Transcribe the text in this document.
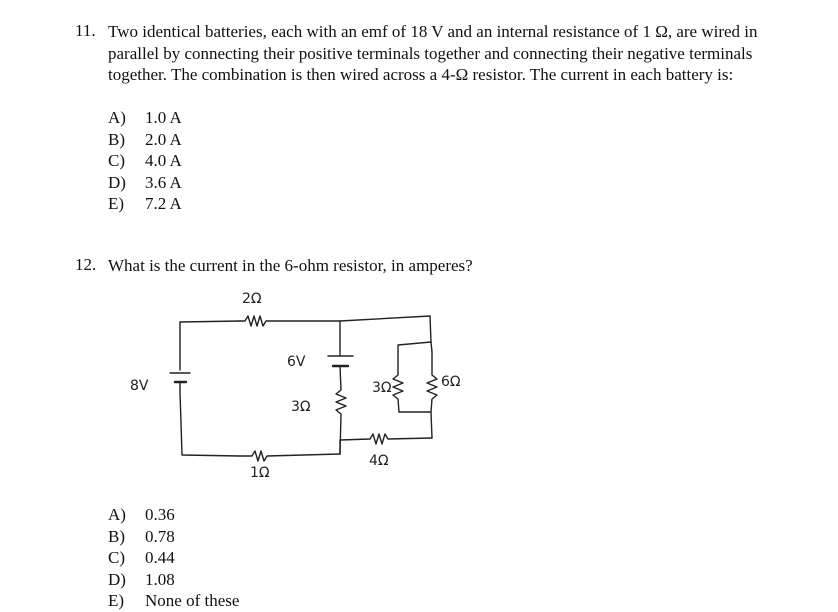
11. Two identical batteries, each with an emf of 18 V and an internal resistance of 1 Ω, are wired in parallel by connecting their positive terminals together and connecting their negative terminals together. The combination is then wired across a 4-Ω resistor. The current in each battery is:
A) 1.0 A
B) 2.0 A
C) 4.0 A
D) 3.6 A
E) 7.2 A
12. What is the current in the 6-ohm resistor, in amperes?
2Ω
8V
6V
3Ω
3Ω	6Ω
1Ω
4Ω
A) 0.36
B) 0.78
C) 0.44
D) 1.08
E) None of these
